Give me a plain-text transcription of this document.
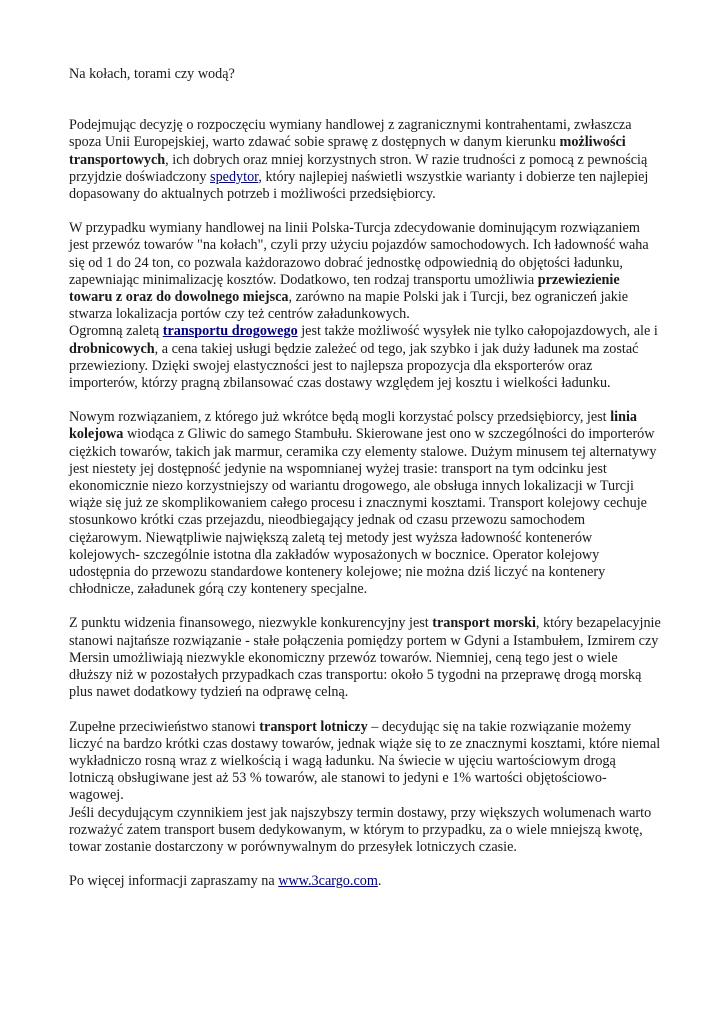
Na kołach, torami czy wodą?

Podejmując decyzję o rozpoczęciu wymiany handlowej z zagranicznymi kontrahentami, zwłaszcza spoza Unii Europejskiej, warto zdawać sobie sprawę z dostępnych w danym kierunku możliwości transportowych, ich dobrych oraz mniej korzystnych stron. W razie trudności z pomocą z pewnością przyjdzie doświadczony spedytor, który najlepiej naświetli wszystkie warianty i dobierze ten najlepiej dopasowany do aktualnych potrzeb i możliwości przedsiębiorcy.

W przypadku wymiany handlowej na linii Polska-Turcja zdecydowanie dominującym rozwiązaniem jest przewóz towarów "na kołach", czyli przy użyciu pojazdów samochodowych. Ich ładowność waha się od 1 do 24 ton, co pozwala każdorazowo dobrać jednostkę odpowiednią do objętości ładunku, zapewniając minimalizację kosztów. Dodatkowo, ten rodzaj transportu umożliwia przewiezienie towaru z oraz do dowolnego miejsca, zarówno na mapie Polski jak i Turcji, bez ograniczeń jakie stwarza lokalizacja portów czy też centrów załadunkowych.

Ogromną zaletą transportu drogowego jest także możliwość wysyłek nie tylko całopojazdowych, ale i drobnicowych, a cena takiej usługi będzie zależeć od tego, jak szybko i jak duży ładunek ma zostać przewieziony. Dzięki swojej elastyczności jest to najlepsza propozycja dla eksporterów oraz importerów, którzy pragną zbilansować czas dostawy względem jej kosztu i wielkości ładunku.

Nowym rozwiązaniem, z którego już wkrótce będą mogli korzystać polscy przedsiębiorcy, jest linia kolejowa wiodąca z Gliwic do samego Stambułu. Skierowane jest ono w szczególności do importerów ciężkich towarów, takich jak marmur, ceramika czy elementy stalowe. Dużym minusem tej alternatywy jest niestety jej dostępność jedynie na wspomnianej wyżej trasie: transport na tym odcinku jest ekonomicznie niezo korzystniejszy od wariantu drogowego, ale obsługa innych lokalizacji w Turcji wiąże się już ze skomplikowaniem całego procesu i znacznymi kosztami. Transport kolejowy cechuje stosunkowo krótki czas przejazdu, nieodbiegający jednak od czasu przewozu samochodem ciężarowym. Niewątpliwie największą zaletą tej metody jest wyższa ładowność kontenerów kolejowych- szczególnie istotna dla zakładów wyposażonych w bocznice. Operator kolejowy udostępnia do przewozu standardowe kontenery kolejowe; nie można dziś liczyć na kontenery chłodnicze, załadunek górą czy kontenery specjalne.

Z punktu widzenia finansowego, niezwykle konkurencyjny jest transport morski, który bezapelacyjnie stanowi najtańsze rozwiązanie - stałe połączenia pomiędzy portem w Gdyni a Istambułem, Izmirem czy Mersin umożliwiają niezwykle ekonomiczny przewóz towarów. Niemniej, ceną tego jest o wiele dłuższy niż w pozostałych przypadkach czas transportu: około 5 tygodni na przeprawę drogą morską plus nawet dodatkowy tydzień na odprawę celną.

Zupełne przeciwieństwo stanowi transport lotniczy – decydując się na takie rozwiązanie możemy liczyć na bardzo krótki czas dostawy towarów, jednak wiąże się to ze znacznymi kosztami, które niemal wykładniczo rosną wraz z wielkością i wagą ładunku. Na świecie w ujęciu wartościowym drogą lotniczą obsługiwane jest aż 53 % towarów, ale stanowi to jedyni e 1% wartości objętościowo-wagowej.

Jeśli decydującym czynnikiem jest jak najszybszy termin dostawy, przy większych wolumenach warto rozważyć zatem transport busem dedykowanym, w którym to przypadku, za o wiele mniejszą kwotę, towar zostanie dostarczony w porównywalnym do przesyłek lotniczych czasie.

Po więcej informacji zapraszamy na www.3cargo.com.
